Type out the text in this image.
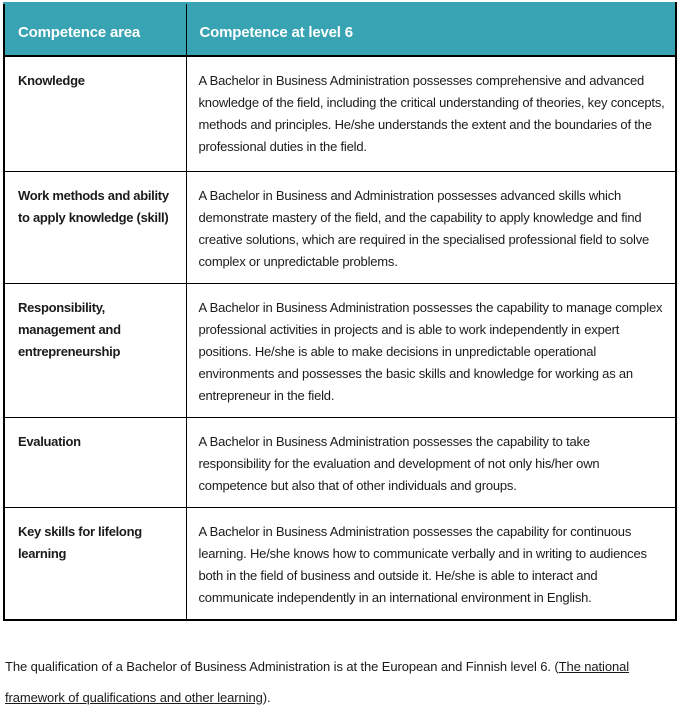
Competence area	Competence at level 6
Knowledge	A Bachelor in Business Administration possesses comprehensive and advanced knowledge of the field, including the critical understanding of theories, key concepts, methods and principles. He/she understands the extent and the boundaries of the professional duties in the field.
Work methods and ability to apply knowledge (skill)	A Bachelor in Business and Administration possesses advanced skills which demonstrate mastery of the field, and the capability to apply knowledge and find creative solutions, which are required in the specialised professional field to solve complex or unpredictable problems.
Responsibility, management and entrepreneurship	A Bachelor in Business Administration possesses the capability to manage complex professional activities in projects and is able to work independently in expert positions. He/she is able to make decisions in unpredictable operational environments and possesses the basic skills and knowledge for working as an entrepreneur in the field.
Evaluation	A Bachelor in Business Administration possesses the capability to take responsibility for the evaluation and development of not only his/her own competence but also that of other individuals and groups.
Key skills for lifelong learning	A Bachelor in Business Administration possesses the capability for continuous learning. He/she knows how to communicate verbally and in writing to audiences both in the field of business and outside it. He/she is able to interact and communicate independently in an international environment in English.

The qualification of a Bachelor of Business Administration is at the European and Finnish level 6. (The national framework of qualifications and other learning).
